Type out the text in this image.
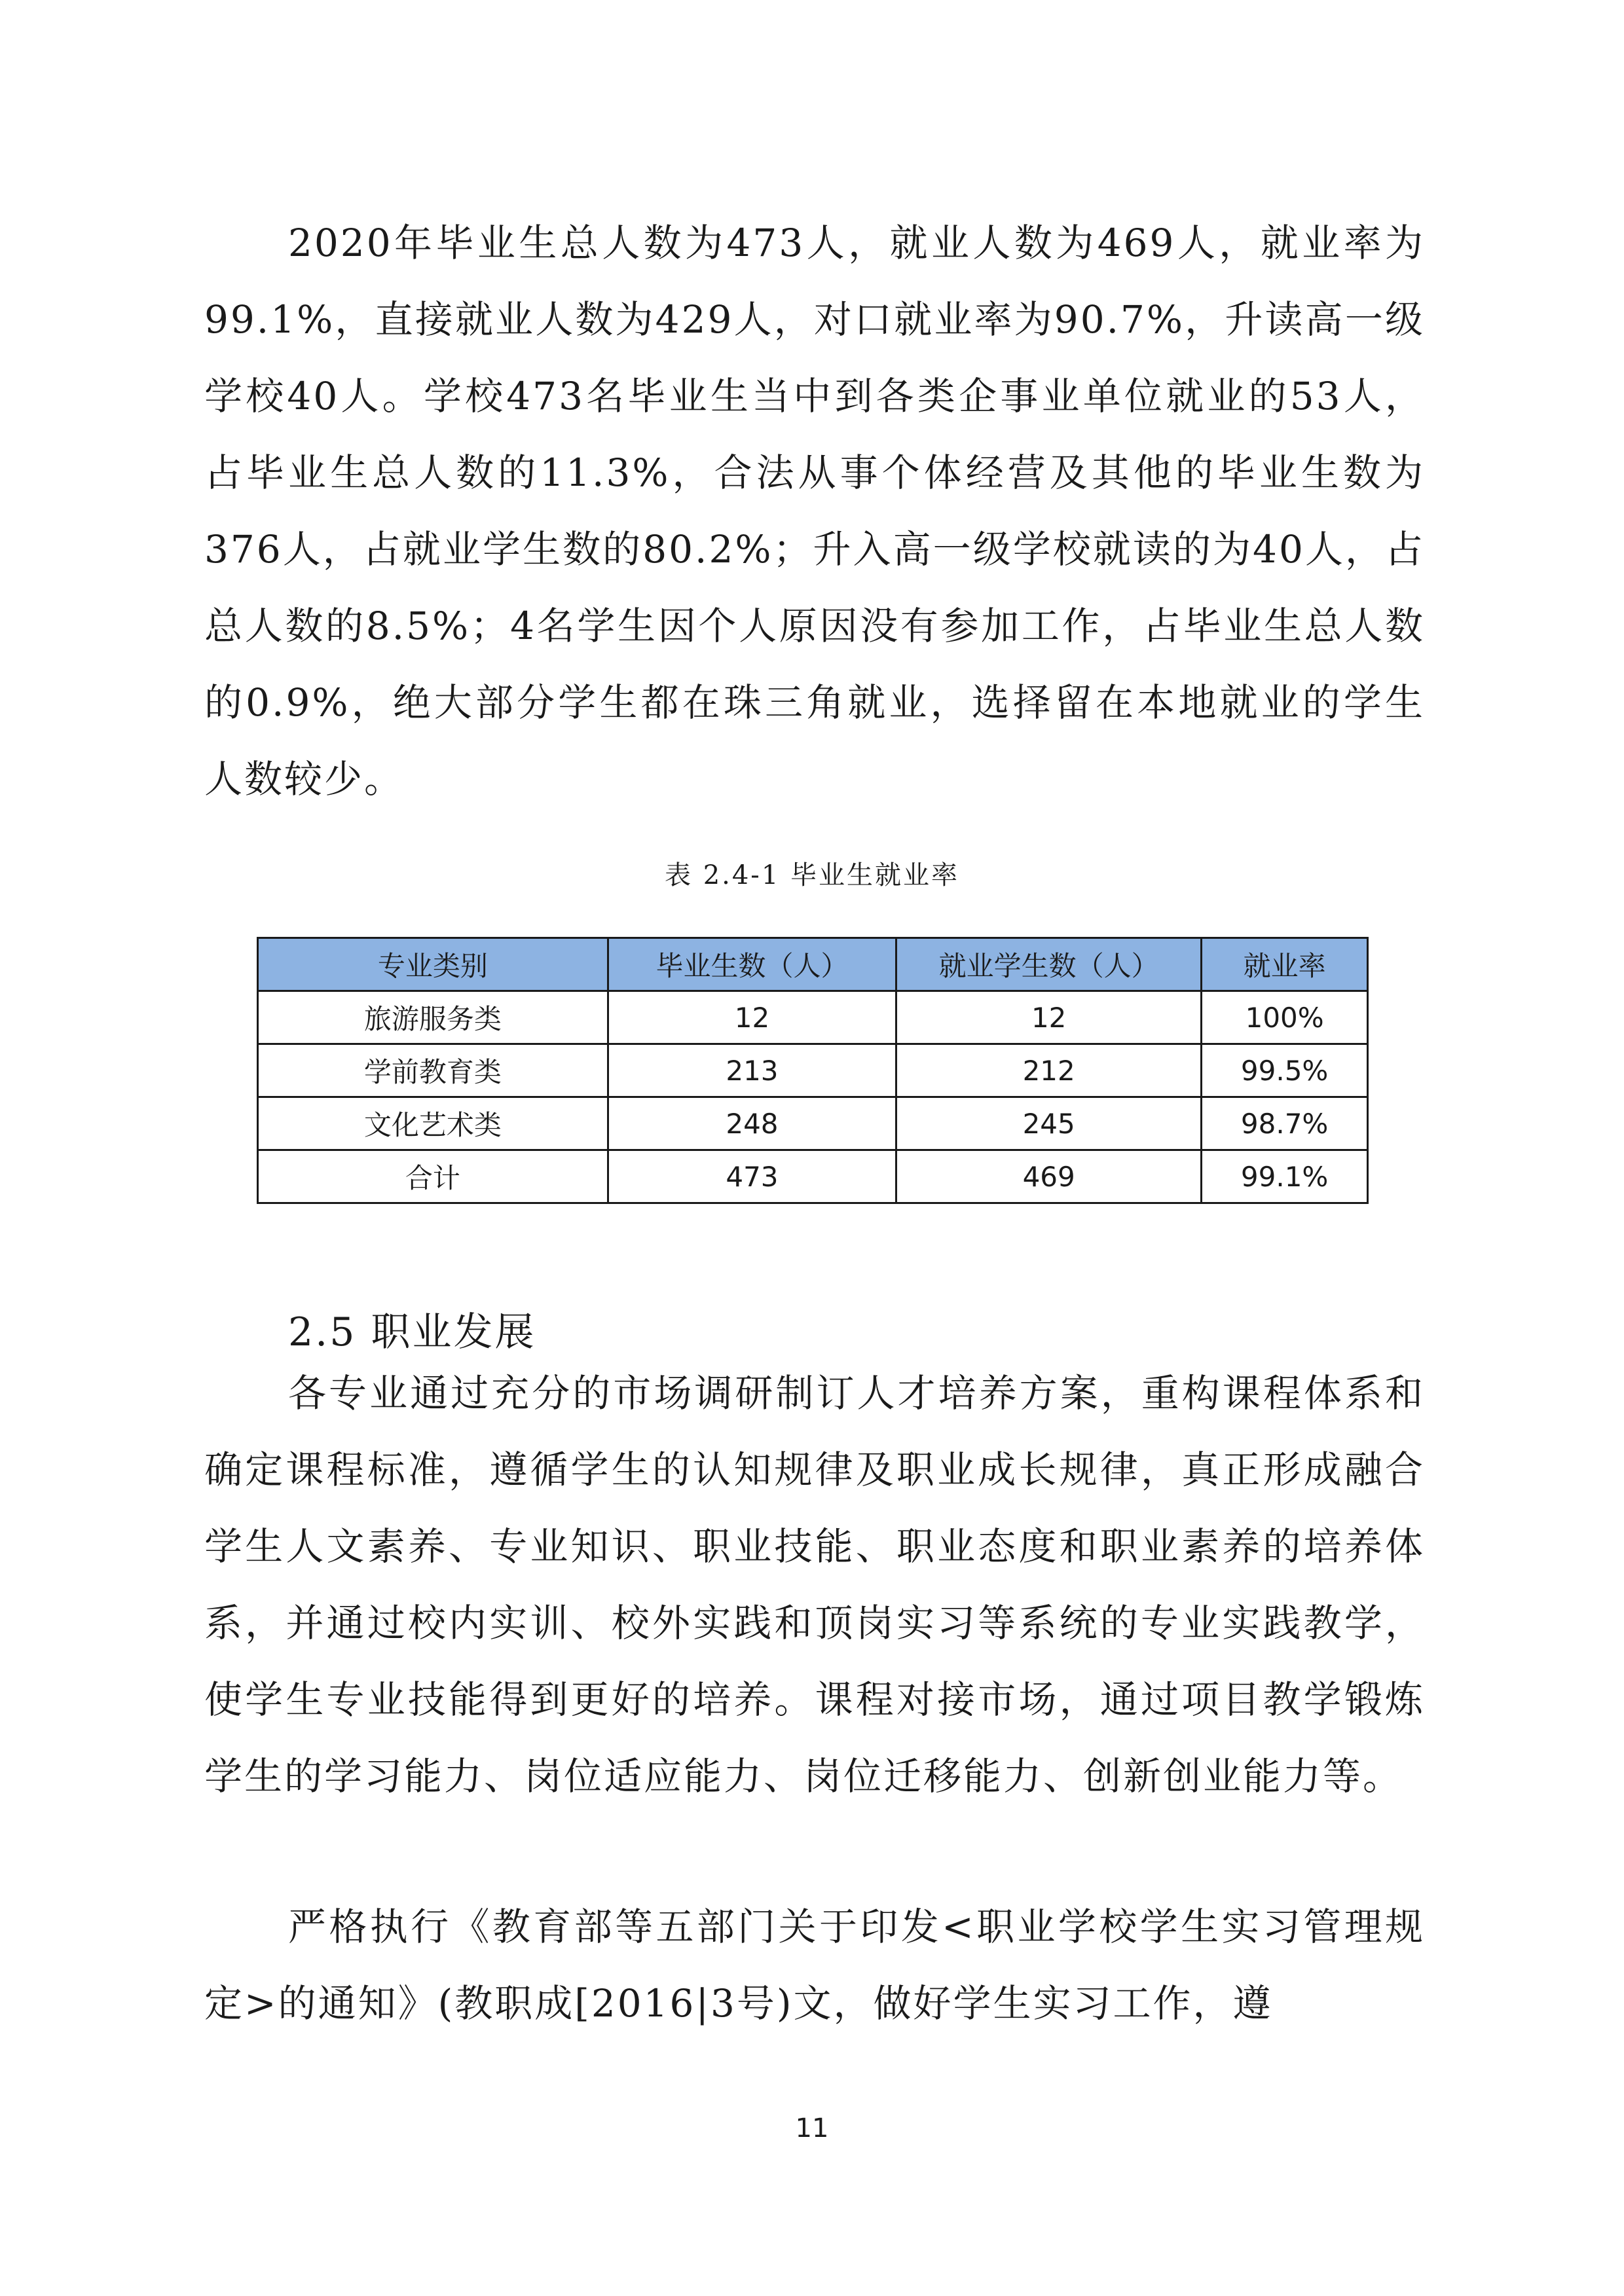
2020年毕业生总人数为473人，就业人数为469人，就业率为99.1%，直接就业人数为429人，对口就业率为90.7%，升读高一级学校40人。学校473名毕业生当中到各类企事业单位就业的53人，占毕业生总人数的11.3%，合法从事个体经营及其他的毕业生数为376人，占就业学生数的80.2%；升入高一级学校就读的为40人，占总人数的8.5%；4名学生因个人原因没有参加工作，占毕业生总人数的0.9%，绝大部分学生都在珠三角就业，选择留在本地就业的学生人数较少。

表 2.4-1 毕业生就业率
专业类别	毕业生数（人）	就业学生数（人）	就业率
旅游服务类	12	12	100%
学前教育类	213	212	99.5%
文化艺术类	248	245	98.7%
合计	473	469	99.1%
2.5 职业发展

各专业通过充分的市场调研制订人才培养方案，重构课程体系和确定课程标准，遵循学生的认知规律及职业成长规律，真正形成融合学生人文素养、专业知识、职业技能、职业态度和职业素养的培养体系，并通过校内实训、校外实践和顶岗实习等系统的专业实践教学，使学生专业技能得到更好的培养。课程对接市场，通过项目教学锻炼学生的学习能力、岗位适应能力、岗位迁移能力、创新创业能力等。

严格执行《教育部等五部门关于印发<职业学校学生实习管理规定>的通知》(教职成[2016|3号)文，做好学生实习工作，遵

11
